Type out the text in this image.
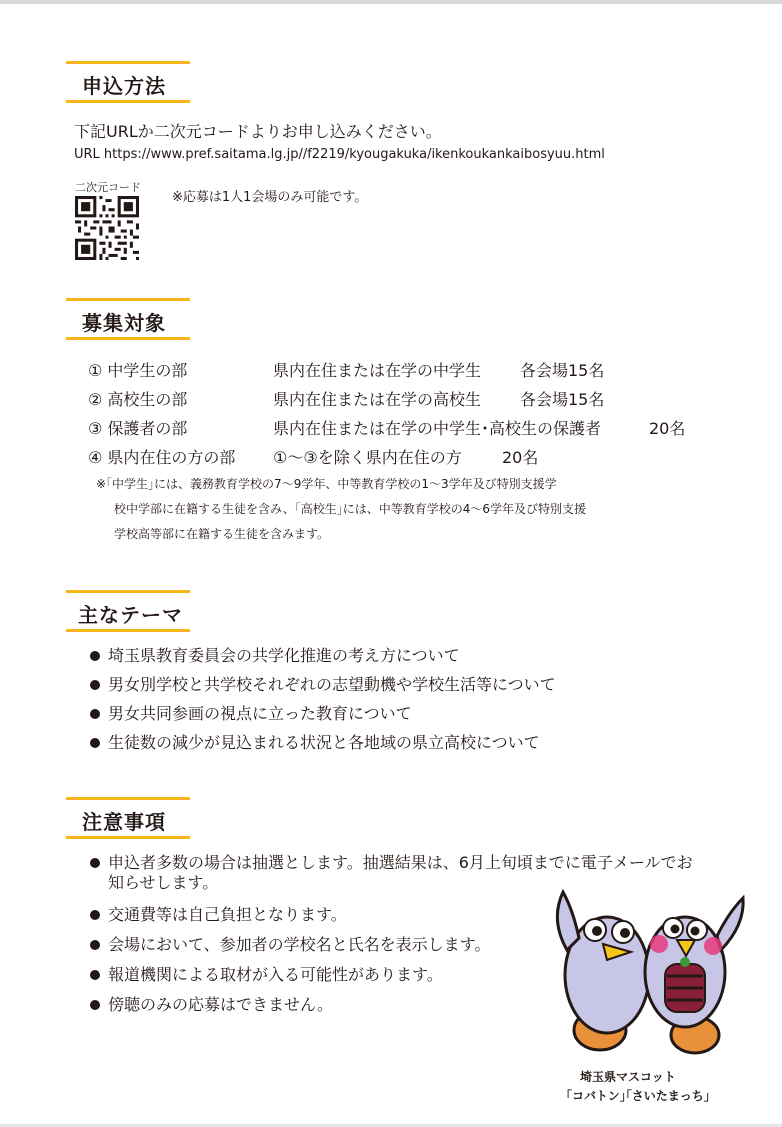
申込方法
下記URLか二次元コードよりお申し込みください。
URL https://www.pref.saitama.lg.jp//f2219/kyougakuka/ikenkoukankaibosyuu.html
二次元コード
※応募は1人1会場のみ可能です。
募集対象
① 中学生の部	県内在住または在学の中学生 各会場15名
② 高校生の部	県内在住または在学の高校生 各会場15名
③ 保護者の部	県内在住または在学の中学生･高校生の保護者	20名
④ 県内在住の方の部 ①～③を除く県内在住の方	20名
※｢中学生｣には、義務教育学校の7～9学年、中等教育学校の1～3学年及び特別支援学
校中学部に在籍する生徒を含み、｢高校生｣には、中等教育学校の4～6学年及び特別支援
学校高等部に在籍する生徒を含みます。
主なテーマ
埼玉県教育委員会の共学化推進の考え方について
男女別学校と共学校それぞれの志望動機や学校生活等について
男女共同参画の視点に立った教育について
生徒数の減少が見込まれる状況と各地域の県立高校について
注意事項
申込者多数の場合は抽選とします。抽選結果は、6月上旬頃までに電子メールでお
知らせします。
交通費等は自己負担となります。
会場において、参加者の学校名と氏名を表示します。
報道機関による取材が入る可能性があります。
傍聴のみの応募はできません。
埼玉県マスコット
｢コバトン｣｢さいたまっち｣
